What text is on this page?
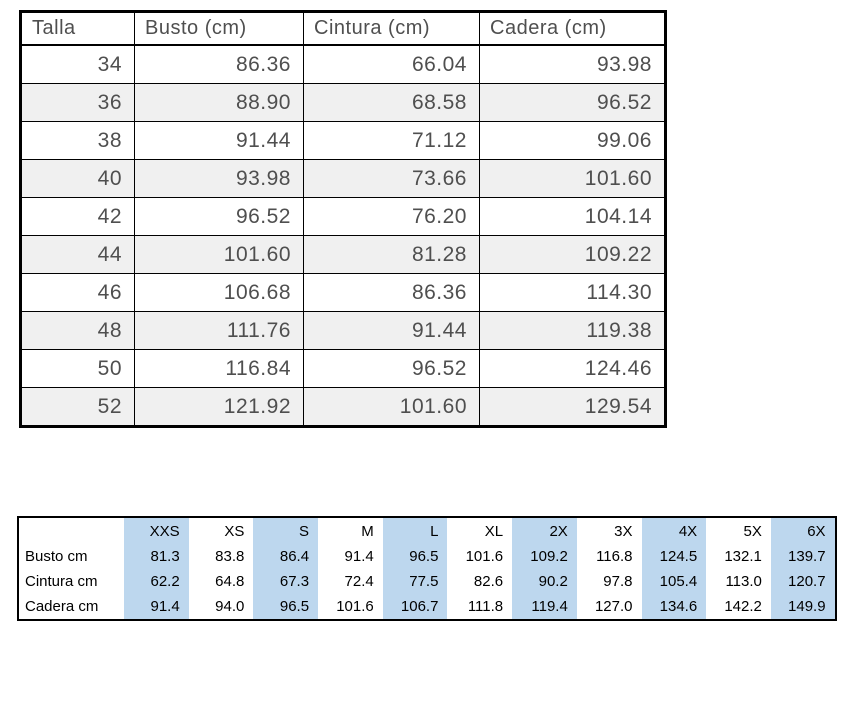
Talla	Busto (cm)	Cintura (cm)	Cadera (cm)
34	86.36	66.04	93.98
36	88.90	68.58	96.52
38	91.44	71.12	99.06
40	93.98	73.66	101.60
42	96.52	76.20	104.14
44	101.60	81.28	109.22
46	106.68	86.36	114.30
48	111.76	91.44	119.38
50	116.84	96.52	124.46
52	121.92	101.60	129.54
	XXS	XS	S	M	L	XL	2X	3X	4X	5X	6X
Busto cm	81.3	83.8	86.4	91.4	96.5	101.6	109.2	116.8	124.5	132.1	139.7
Cintura cm	62.2	64.8	67.3	72.4	77.5	82.6	90.2	97.8	105.4	113.0	120.7
Cadera cm	91.4	94.0	96.5	101.6	106.7	111.8	119.4	127.0	134.6	142.2	149.9
